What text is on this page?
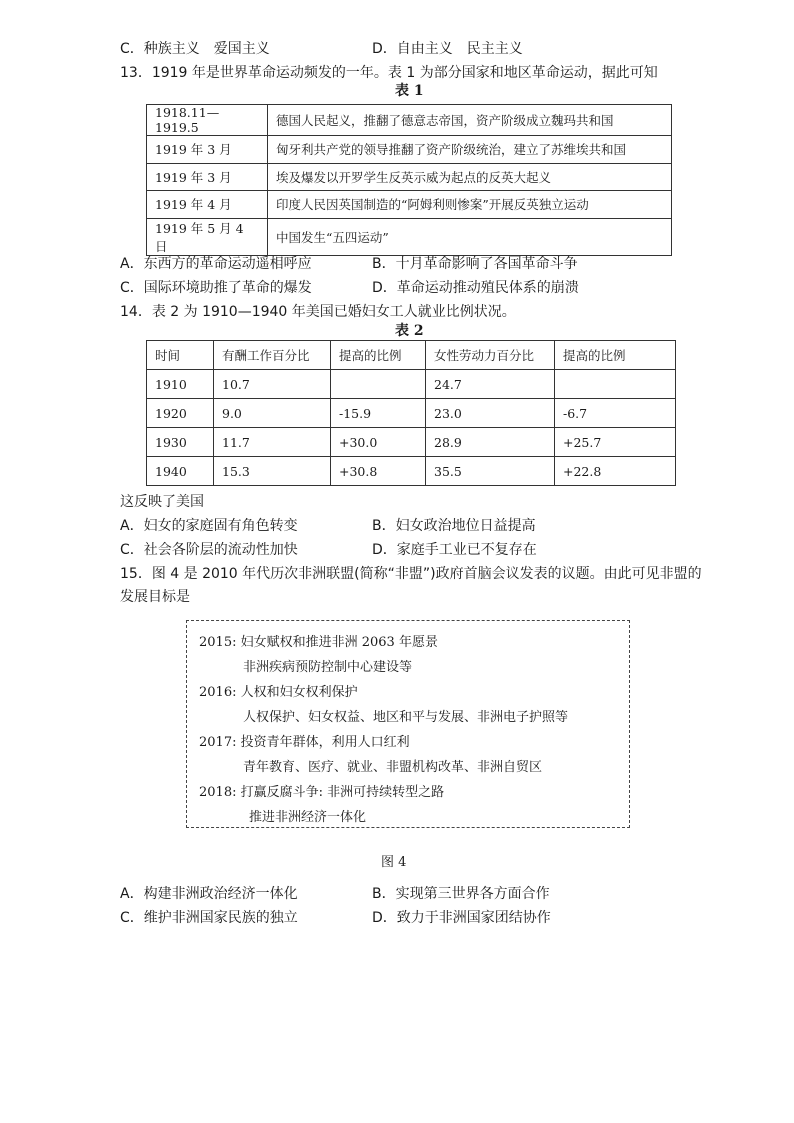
C．种族主义　爱国主义	D．自由主义　民主主义
13．1919 年是世界革命运动频发的一年。表 1 为部分国家和地区革命运动，据此可知
表 1
1918.11—1919.5	德国人民起义，推翻了德意志帝国，资产阶级成立魏玛共和国
1919 年 3 月	匈牙利共产党的领导推翻了资产阶级统治，建立了苏维埃共和国
1919 年 3 月	埃及爆发以开罗学生反英示威为起点的反英大起义
1919 年 4 月	印度人民因英国制造的“阿姆利则惨案”开展反英独立运动
1919 年 5 月 4 日	中国发生“五四运动”
A．东西方的革命运动遥相呼应	B．十月革命影响了各国革命斗争
C．国际环境助推了革命的爆发	D．革命运动推动殖民体系的崩溃
14．表 2 为 1910—1940 年美国已婚妇女工人就业比例状况。
表 2
时间	有酬工作百分比	提高的比例	女性劳动力百分比	提高的比例
1910	10.7		24.7	
1920	9.0	-15.9	23.0	-6.7
1930	11.7	+30.0	28.9	+25.7
1940	15.3	+30.8	35.5	+22.8
这反映了美国
A．妇女的家庭固有角色转变	B．妇女政治地位日益提高
C．社会各阶层的流动性加快	D．家庭手工业已不复存在
15．图 4 是 2010 年代历次非洲联盟(简称“非盟”)政府首脑会议发表的议题。由此可见非盟的
发展目标是
2015: 妇女赋权和推进非洲 2063 年愿景
非洲疾病预防控制中心建设等
2016: 人权和妇女权利保护
人权保护、妇女权益、地区和平与发展、非洲电子护照等
2017: 投资青年群体，利用人口红利
青年教育、医疗、就业、非盟机构改革、非洲自贸区
2018: 打赢反腐斗争: 非洲可持续转型之路
推进非洲经济一体化
图 4
A．构建非洲政治经济一体化	B．实现第三世界各方面合作
C．维护非洲国家民族的独立	D．致力于非洲国家团结协作
